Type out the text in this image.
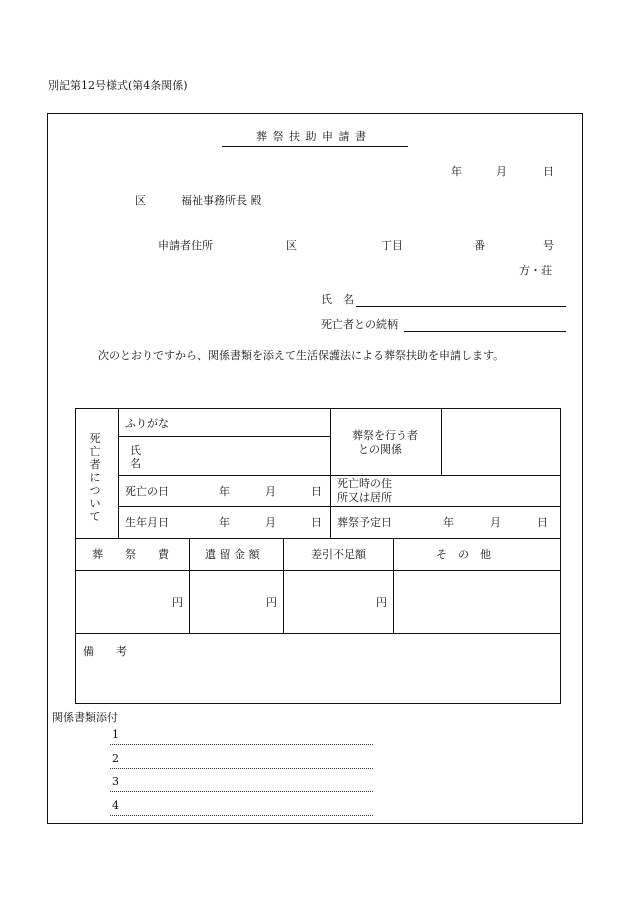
別記第12号様式(第4条関係)
葬 祭 扶 助 申 請 書
年	月	日
区	福祉事務所長 殿
申請者住所	区	丁目	番	号
方・荘
氏　名
死亡者との続柄
次のとおりですから、関係書類を添えて生活保護法による葬祭扶助を申請します。
死
亡
者
に
つ
い
て
ふりがな
氏
名
葬祭を行う者
との関係
死亡の日	年	月	日
死亡時の住
所又は居所
生年月日	年	月	日 葬祭予定日	年	月	日
葬　　祭　　費	遺 留 金 額	差引不足額	そ　の　他
円	円	円
備　　考
関係書類添付
1
2
3
4
